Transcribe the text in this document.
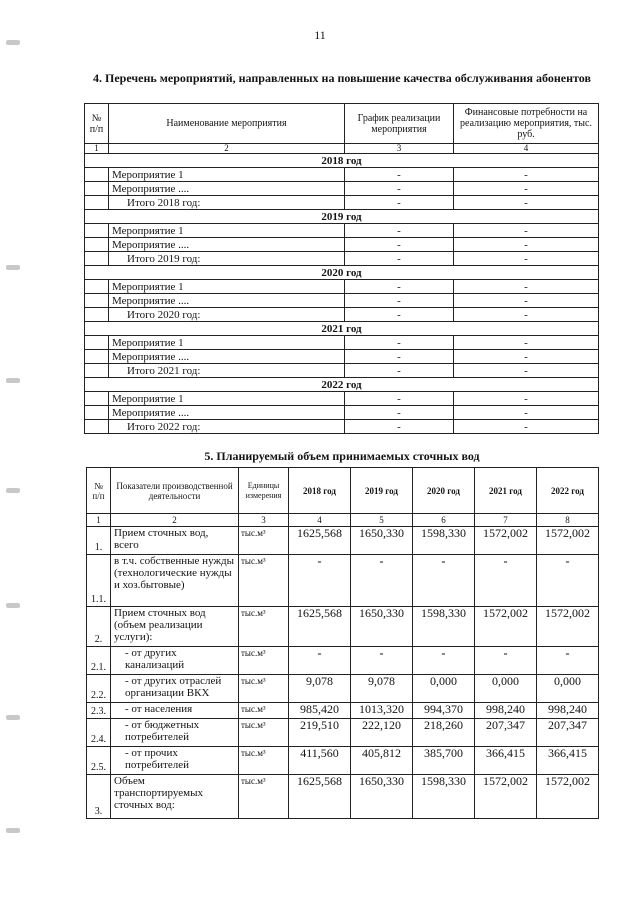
11
4. Перечень мероприятий, направленных на повышение качества обслуживания абонентов
№ п/п	Наименование мероприятия	График реализации мероприятия	Финансовые потребности на реализацию мероприятия, тыс. руб.
1	2	3	4
2018 год			
	Мероприятие 1	-	-
	Мероприятие ....	-	-
	Итого 2018 год:	-	-
2019 год			
	Мероприятие 1	-	-
	Мероприятие ....	-	-
	Итого 2019 год:	-	-
2020 год			
	Мероприятие 1	-	-
	Мероприятие ....	-	-
	Итого 2020 год:	-	-
2021 год			
	Мероприятие 1	-	-
	Мероприятие ....	-	-
	Итого 2021 год:	-	-
2022 год			
	Мероприятие 1	-	-
	Мероприятие ....	-	-
	Итого 2022 год:	-	-
5. Планируемый объем принимаемых сточных вод
№ п/п	Показатели производственной деятельности	Единицы измерения	2018 год	2019 год	2020 год	2021 год	2022 год
1	2	3	4	5	6	7	8
1.	Прием сточных вод, всего	тыс.м³	1625,568	1650,330	1598,330	1572,002	1572,002
1.1.	в т.ч. собственные нужды (технологические нужды и хоз.бытовые)	тыс.м³	-	-	-	-	-
2.	Прием сточных вод (объем реализации услуги):	тыс.м³	1625,568	1650,330	1598,330	1572,002	1572,002
2.1.	- от других канализаций	тыс.м³	-	-	-	-	-
2.2.	- от других отраслей организации ВКХ	тыс.м³	9,078	9,078	0,000	0,000	0,000
2.3.	- от населения	тыс.м³	985,420	1013,320	994,370	998,240	998,240
2.4.	- от бюджетных потребителей	тыс.м³	219,510	222,120	218,260	207,347	207,347
2.5.	- от прочих потребителей	тыс.м³	411,560	405,812	385,700	366,415	366,415
3.	Объем транспортируемых сточных вод:	тыс.м³	1625,568	1650,330	1598,330	1572,002	1572,002
